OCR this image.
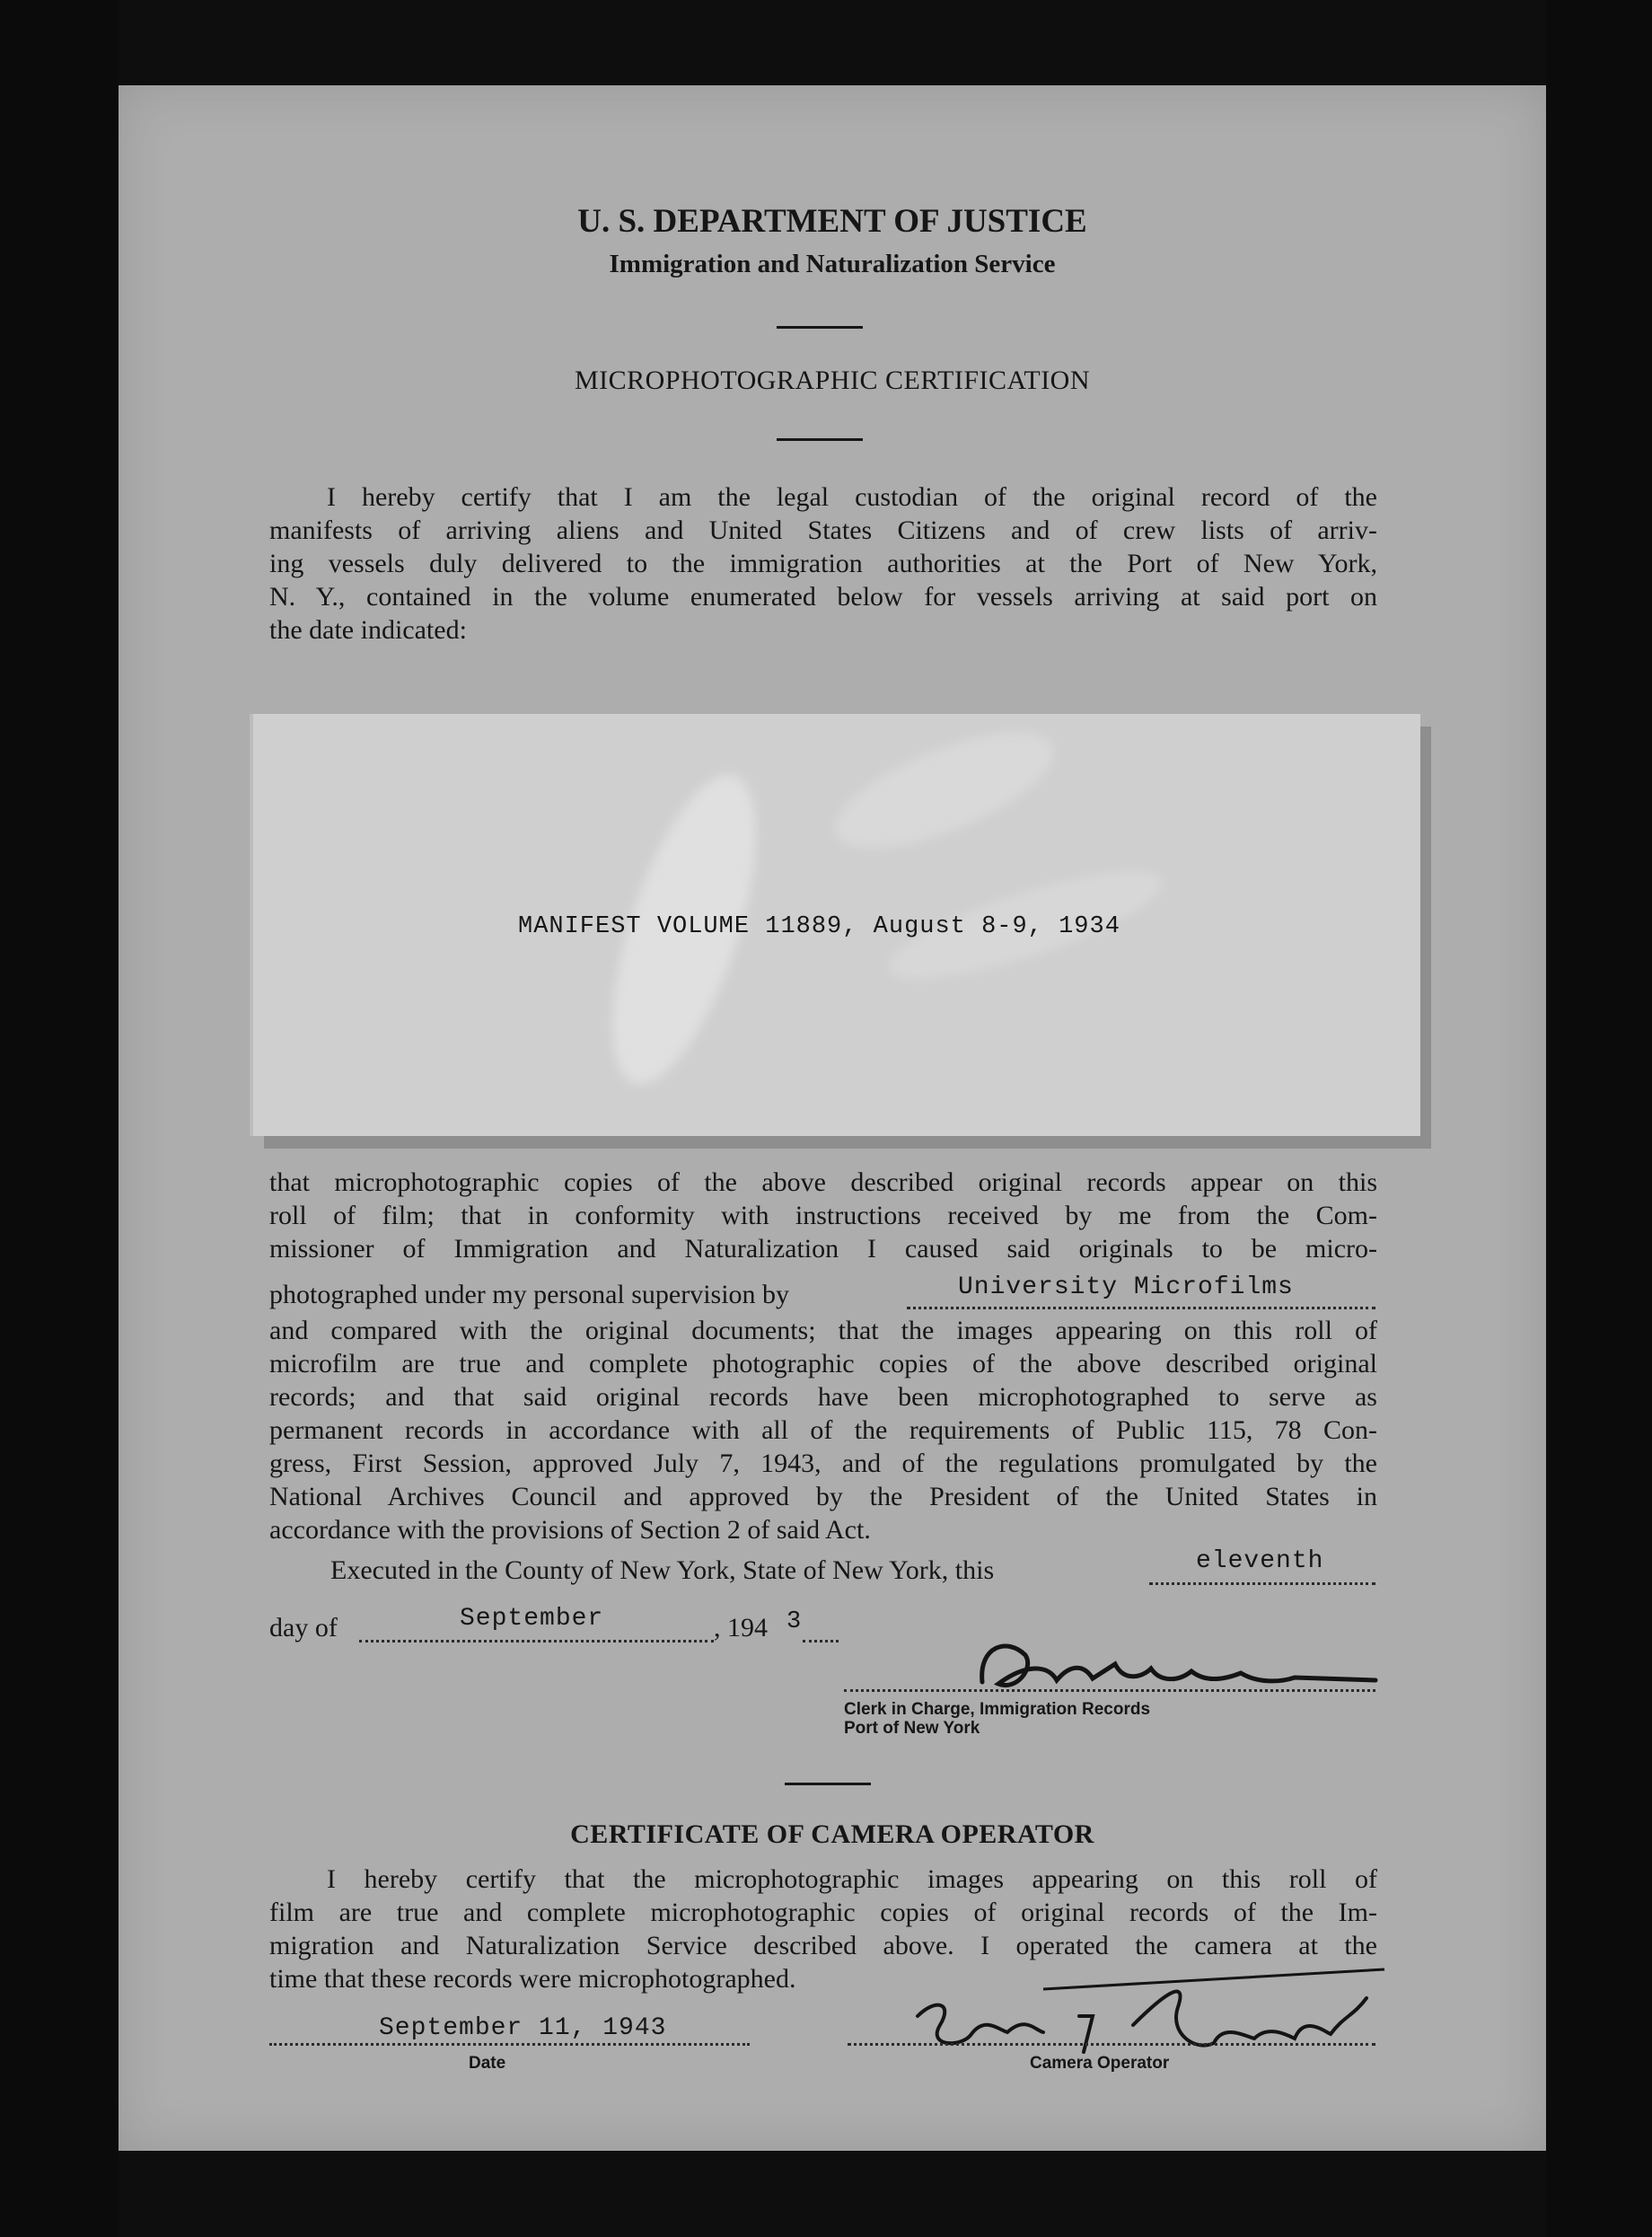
U. S. DEPARTMENT OF JUSTICE
Immigration and Naturalization Service
MICROPHOTOGRAPHIC CERTIFICATION
I hereby certify that I am the legal custodian of the original record of the
manifests of arriving aliens and United States Citizens and of crew lists of arriv-
ing vessels duly delivered to the immigration authorities at the Port of New York,
N. Y., contained in the volume enumerated below for vessels arriving at said port on
the date indicated:
MANIFEST VOLUME 11889, August 8-9, 1934
that microphotographic copies of the above described original records appear on this
roll of film; that in conformity with instructions received by me from the Com-
missioner of Immigration and Naturalization I caused said originals to be micro-
photographed under my personal supervision by	University Microfilms
and compared with the original documents; that the images appearing on this roll of
microfilm are true and complete photographic copies of the above described original
records; and that said original records have been microphotographed to serve as
permanent records in accordance with all of the requirements of Public 115, 78 Con-
gress, First Session, approved July 7, 1943, and of the regulations promulgated by the
National Archives Council and approved by the President of the United States in
accordance with the provisions of Section 2 of said Act.
Executed in the County of New York, State of New York, this	eleventh
day of	September	, 194 3
Clerk in Charge, Immigration Records
Port of New York
CERTIFICATE OF CAMERA OPERATOR
I hereby certify that the microphotographic images appearing on this roll of
film are true and complete microphotographic copies of original records of the Im-
migration and Naturalization Service described above. I operated the camera at the
time that these records were microphotographed.
September 11, 1943
Date	Camera Operator
